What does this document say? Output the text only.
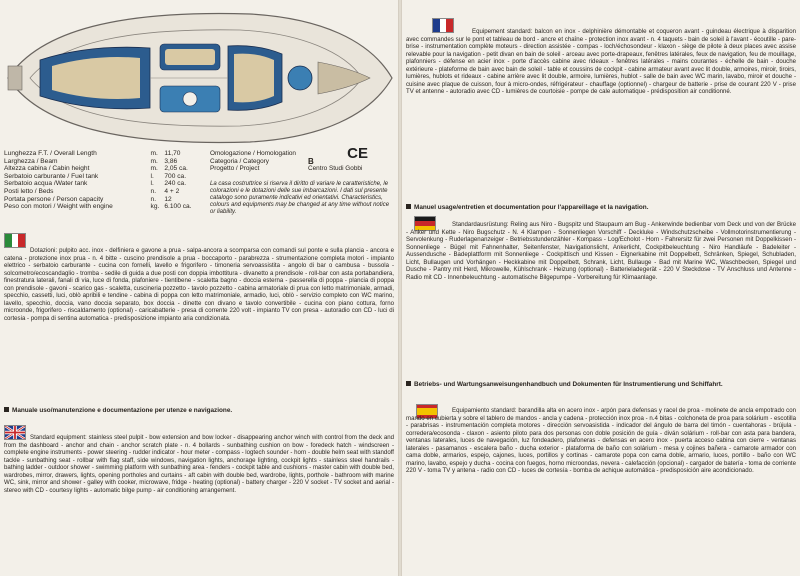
Lunghezza F.T. / Overall Length	m. 11,70
Larghezza / Beam	m. 3,86
Altezza cabina / Cabin height	m. 2,05 ca.
Serbatoio carburante / Fuel tank	l.	700 ca.
Serbatoio acqua /Water tank	l.	240 ca.
Posti letto / Beds	n.	4 + 2
Portata persone / Person capacity	n.	12
Peso con motori / Weight with engine	kg. 6.100 ca.
CE
Omologazione / Homologation
Categoria / Category	B
Progetto / Project	Centro Studi Gobbi
La casa costruttrice si riserva il diritto di variare le caratteristiche, le colorazioni e le dotazioni delle sue imbarcazioni. I dati sul presente catalogo sono puramente indicativi ed orientativi. Characteristics, colours and equipments may be changed at any time without notice or liability.
Dotazioni: pulpito acc. inox - delfiniera e gavone a prua - salpa-ancora a scomparsa con comandi sul ponte e sulla plancia - ancora e catena - protezione inox prua - n. 4 bitte - cuscino prendisole a prua - boccaporto - parabrezza - strumentazione completa motori - impianto elettrico - serbatoio carburante - cucina con fornelli, lavello e frigorifero - timoneria servoassistita - angolo di bar o cambusa - bussola - solcometro/ecoscandaglio - tromba - sedile di guida a due posti con doppia imbottitura - divanetto a prendisole - roll-bar con asta portabandiera, finestratura laterali, fanali di via, luce di fonda, plafoniere - tientibene - scaletta bagno - doccia esterna - passerella di poppa - plancia di poppa con prendisole - gavoni - scarico gas - scaletta, cuscineria pozzetto - tavolo pozzetto - cabina armatoriale di prua con letto matrimoniale, armadi, specchio, cassetti, luci, oblò apribili e tendine - cabina di poppa con letto matrimoniale, armadio, luci, oblò - servizio completo con WC marino, lavello, specchio, doccia, vano doccia separato, box doccia - dinette con divano e tavolo convertibile - cucina con piano cottura, forno microonde, frigorifero - riscaldamento (optional) - caricabatterie - presa di corrente 220 volt - impianto TV con presa - autoradio con CD - luci di cortesia - pompa di sentina automatica - predisposizione impianto aria condizionata.
Manuale uso/manutenzione e documentazione per utenze e navigazione.
Standard equipment: stainless steel pulpit - bow extension and bow locker - disappearing anchor winch with control from the deck and from the dashboard - anchor and chain - anchor scratch plate - n. 4 bollards - sunbathing cushion on bow - foredeck hatch - windscreen - complete engine instruments - power steering - rudder indicator - hour meter - compass - logtech sounder - horn - double helm seat with standoff tackle - sunbathing seat - rollbar with flag staff, side windows, navigation lights, anchorage lighting, cockpit lights - stainless steel handrails - bathing ladder - outdoor shower - swimming platform with sunbathing area - fenders - cockpit table and cushions - master cabin with double bed, wardrobes, mirror, drawers, lights, opening portholes and curtains - aft cabin with double bed, wardrobe, lights, porthole - bathroom with marine WC, sink, mirror and shower - galley with cooker, microwave, fridge - heating (optional) - battery charger - 220 V socket - TV socket and aerial - stereo with CD - courtesy lights - automatic bilge pump - air conditioning arrangement.
Equipement standard: balcon en inox - delphinière démontable et coqueron avant - guindeau électrique à disparition avec commandes sur le pont et tableau de bord - ancre et chaîne - protection inox avant - n. 4 taquets - bain de soleil à l'avant - écoutille - pare-brise - instrumentation complète moteurs - direction assistée - compas - loch/échosondeur - klaxon - siège de pilote à deux places avec assise relevable pour la navigation - petit divan en bain de soleil - arceau avec porte-drapeaux, fenêtres latérales, feux de navigation, feu de mouillage, plafonniers - défense en acier inox - porte d'accès cabine avec rideaux - fenêtres latérales - mains courantes - échelle de bain - douche extérieure - plateforme de bain avec bain de soleil - table et coussins de cockpit - cabine armateur avant avec lit double, armoires, miroir, tiroirs, lumières, hublots et rideaux - cabine arrière avec lit double, armoire, lumières, hublot - salle de bain avec WC marin, lavabo, miroir et douche - cuisine avec plaque de cuisson, four à micro-ondes, réfrigérateur - chauffage (optionnel) - chargeur de batterie - prise de courant 220 V - prise TV et antenne - autoradio avec CD - lumières de courtoisie - pompe de cale automatique - prédisposition air conditionné.
Manuel usage/entretien et documentation pour l'appareillage et la navigation.
Standardausrüstung: Reling aus Niro - Bugspitz und Staupaum am Bug - Ankerwinde bedienbar vom Deck und von der Brücke - Anker und Kette - Niro Bugschutz - N. 4 Klampen - Sonnenliegen Vorschiff - Deckluke - Windschutzscheibe - Vollmotorinstrumentierung - Servolenkung - Ruderlagenanzeiger - Betriebsstundenzähler - Kompass - Log/Echolot - Horn - Fahrersitz für zwei Personen mit Doppelkissen - Sonnenliege - Bügel mit Fahnenhalter, Seitenfenster, Navigationslicht, Ankerlicht, Cockpitbeleuchtung - Niro Handläufe - Badeleiter - Aussendusche - Badeplattform mit Sonnenliege - Cockpittisch und Kissen - Eignerkabine mit Doppelbett, Schränken, Spiegel, Schubladen, Licht, Bullaugen und Vorhängen - Heckkabine mit Doppelbett, Schrank, Licht, Bullauge - Bad mit Marine WC, Waschbecken, Spiegel und Dusche - Pantry mit Herd, Mikrowelle, Kühlschrank - Heizung (optional) - Batterieladegerät - 220 V Steckdose - TV Anschluss und Antenne - Radio mit CD - Innenbeleuchtung - automatische Bilgepumpe - Vorbereitung für Klimaanlage.
Betriebs- und Wartungsanweisungenhandbuch und Dokumenten für Instrumentierung und Schiffahrt.
Equipamiento standard: barandilla alta en acero inox - arpón para defensas y racel de proa - molinete de ancla empotrado con mando en cubierta y sobre el tablero de mandos - ancla y cadena - protección inox proa - n.4 bitas - colchoneta de proa para solárium - escotilla - parabrisas - instrumentación completa motores - dirección servoasistida - indicador del ángulo de barra del timón - cuentahoras - brújula - corredera/ecosonda - claxon - asiento piloto para dos personas con doble posición de guía - diván solárium - roll-bar con asta para bandera, ventanas laterales, luces de navegación, luz fondeadero, plafoneras - defensas en acero inox - puerta acceso cabina con cierre - ventanas laterales - pasamanos - escalera baño - ducha exterior - plataforma de baño con solárium - mesa y cojines bañera - camarote armador con cama doble, armarios, espejo, cajones, luces, portillos y cortinas - camarote popa con cama doble, armario, luces, portillo - baño con WC marino, lavabo, espejo y ducha - cocina con fuegos, horno microondas, nevera - calefacción (opcional) - cargador de batería - toma de corriente 220 V - toma TV y antena - radio con CD - luces de cortesía - bomba de achique automática - predisposición aire acondicionado.
